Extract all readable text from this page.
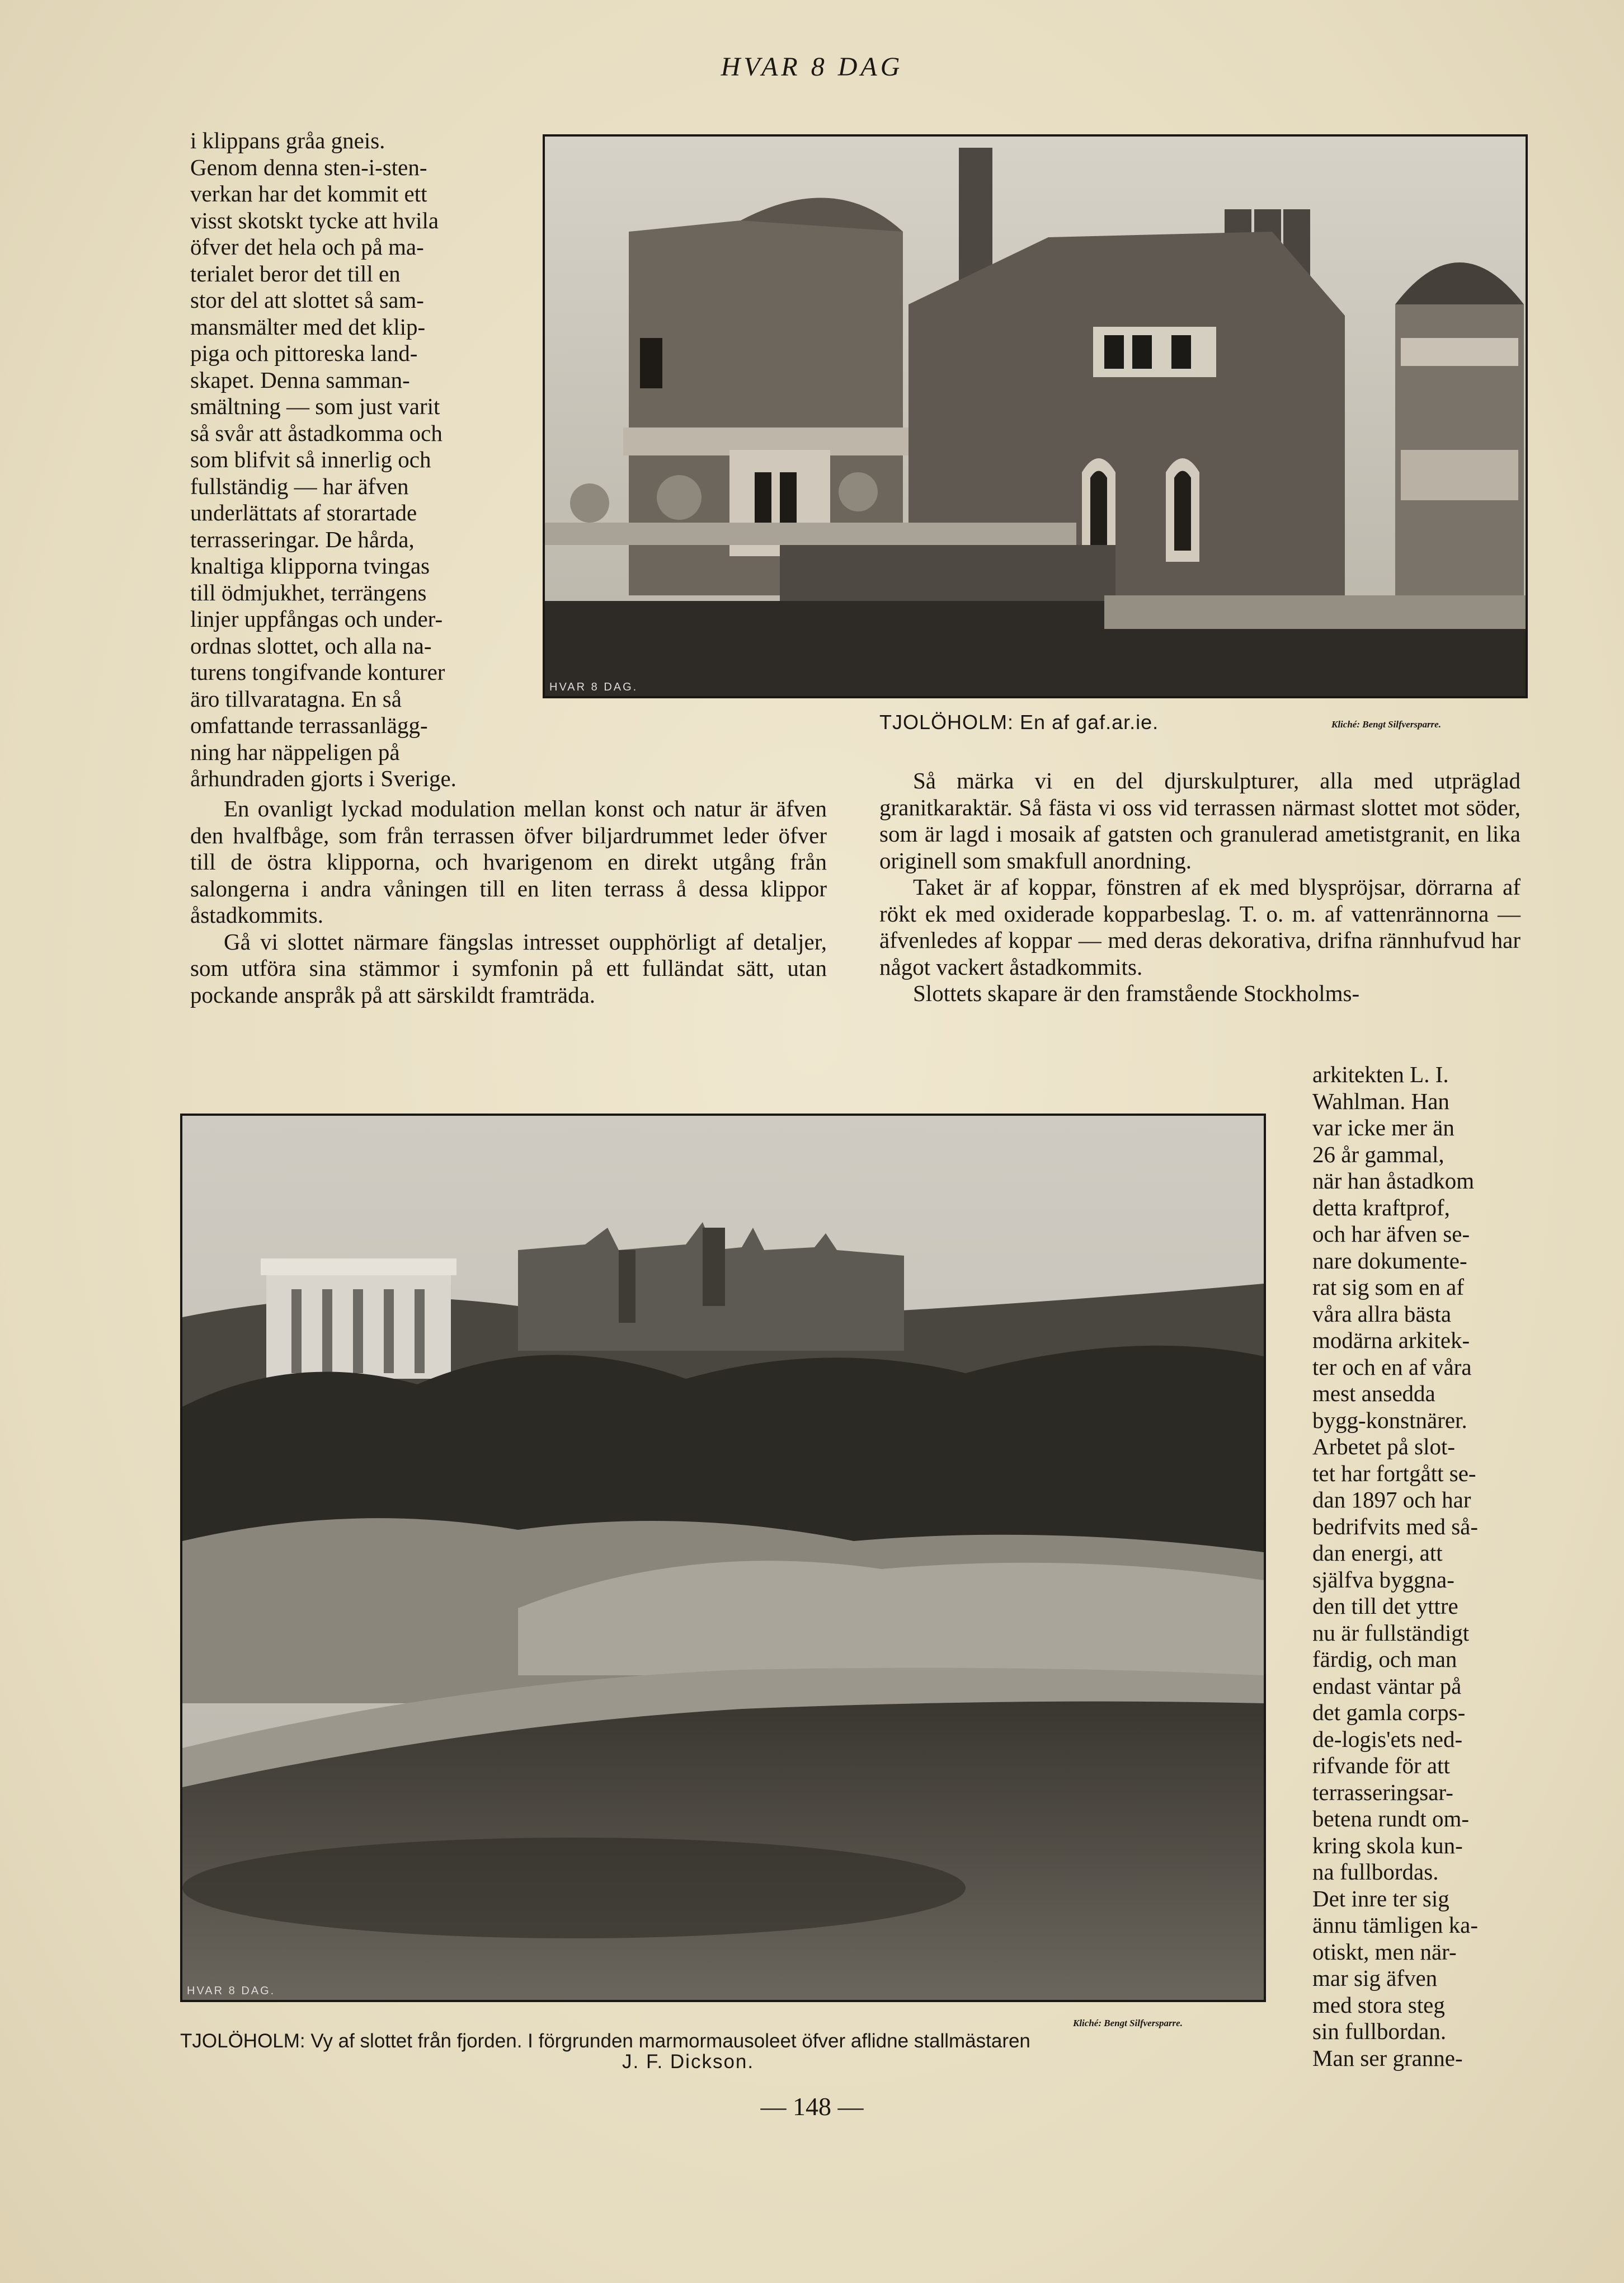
HVAR 8 DAG

i klippans gråa gneis.

Genom denna sten-i-sten-

verkan har det kommit ett

visst skotskt tycke att hvila

öfver det hela och på ma-

terialet beror det till en

stor del att slottet så sam-

mansmälter med det klip-

piga och pittoreska land-

skapet. Denna samman-

smältning — som just varit

så svår att åstadkomma och

som blifvit så innerlig och

fullständig — har äfven

underlättats af storartade

terrasseringar. De hårda,

knaltiga klipporna tvingas

till ödmjukhet, terrängens

linjer uppfångas och under-

ordnas slottet, och alla na-

turens tongifvande konturer

äro tillvaratagna. En så

omfattande terrassanlägg-

ning har näppeligen på

århundraden gjorts i Sverige.

En ovanligt lyckad modulation mellan konst och natur är äfven den hvalfbåge, som från terrassen öfver biljardrummet leder öfver till de östra klipporna, och hvarigenom en direkt utgång från salongerna i andra våningen till en liten terrass å dessa klippor åstadkommits.

Gå vi slottet närmare fängslas intresset oupphörligt af detaljer, som utföra sina stämmor i symfonin på ett fulländat sätt, utan pockande anspråk på att särskildt framträda.

HVAR 8 DAG.
TJOLÖHOLM: En af gaf.ar.ie.	Kliché: Bengt Silfversparre.

Så märka vi en del djurskulpturer, alla med utpräglad granitkaraktär. Så fästa vi oss vid terrassen närmast slottet mot söder, som är lagd i mosaik af gatsten och granulerad ametistgranit, en lika originell som smakfull anordning.

Taket är af koppar, fönstren af ek med blyspröjsar, dörrarna af rökt ek med oxiderade kopparbeslag. T. o. m. af vattenrännorna — äfvenledes af koppar — med deras dekorativa, drifna rännhufvud har något vackert åstadkommits.

Slottets skapare är den framstående Stockholms-

arkitekten L. I.

Wahlman. Han

var icke mer än

26 år gammal,

när han åstadkom

detta kraftprof,

och har äfven se-

nare dokumente-

rat sig som en af

våra allra bästa

modärna arkitek-

ter och en af våra

mest ansedda

bygg-konstnärer.

Arbetet på slot-

tet har fortgått se-

dan 1897 och har

bedrifvits med så-

dan energi, att

själfva byggna-

den till det yttre

nu är fullständigt

färdig, och man

endast väntar på

det gamla corps-

de-logis'ets ned-

rifvande för att

terrasseringsar-

betena rundt om-

kring skola kun-

na fullbordas.

Det inre ter sig

ännu tämligen ka-

otiskt, men när-

mar sig äfven

med stora steg

sin fullbordan.

Man ser granne-

HVAR 8 DAG.
Kliché: Bengt Silfversparre.
TJOLÖHOLM: Vy af slottet från fjorden. I förgrunden marmormausoleet öfver aflidne stallmästaren
J. F. Dickson.
— 148 —
